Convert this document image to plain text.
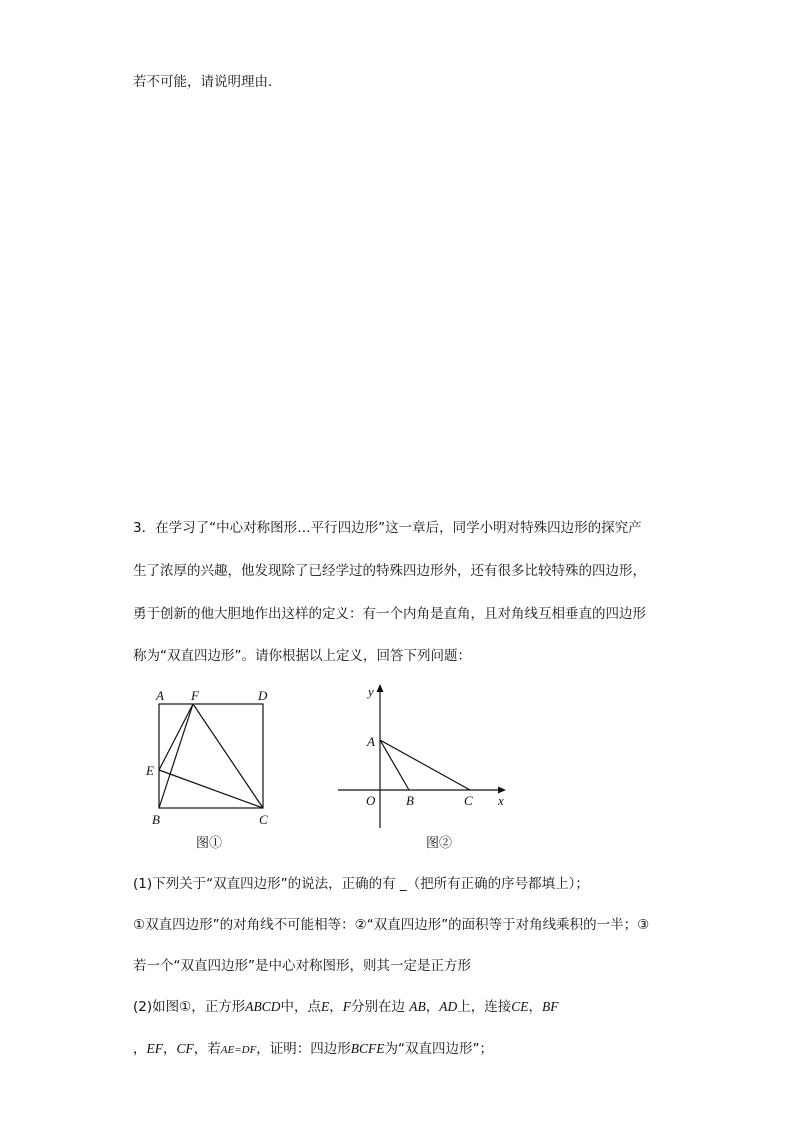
若不可能，请说明理由．

3．在学习了“中心对称图形…平行四边形”这一章后，同学小明对特殊四边形的探究产

生了浓厚的兴趣，他发现除了已经学过的特殊四边形外，还有很多比较特殊的四边形，

勇于创新的他大胆地作出这样的定义：有一个内角是直角，且对角线互相垂直的四边形

称为“双直四边形”。请你根据以上定义，回答下列问题：

A F	D
E
B	C
图①
y
A
O B	C x
图②

(1)下列关于“双直四边形”的说法，正确的有 _（把所有正确的序号都填上）；

①双直四边形”的对角线不可能相等：②“双直四边形”的面积等于对角线乘积的一半；③

若一个“双直四边形”是中心对称图形，则其一定是正方形

(2)如图①，正方形ABCD中，点E，F分别在边 AB，AD上，连接CE，BF

，EF，CF，若AE=DF，证明：四边形BCFE为“双直四边形”；
